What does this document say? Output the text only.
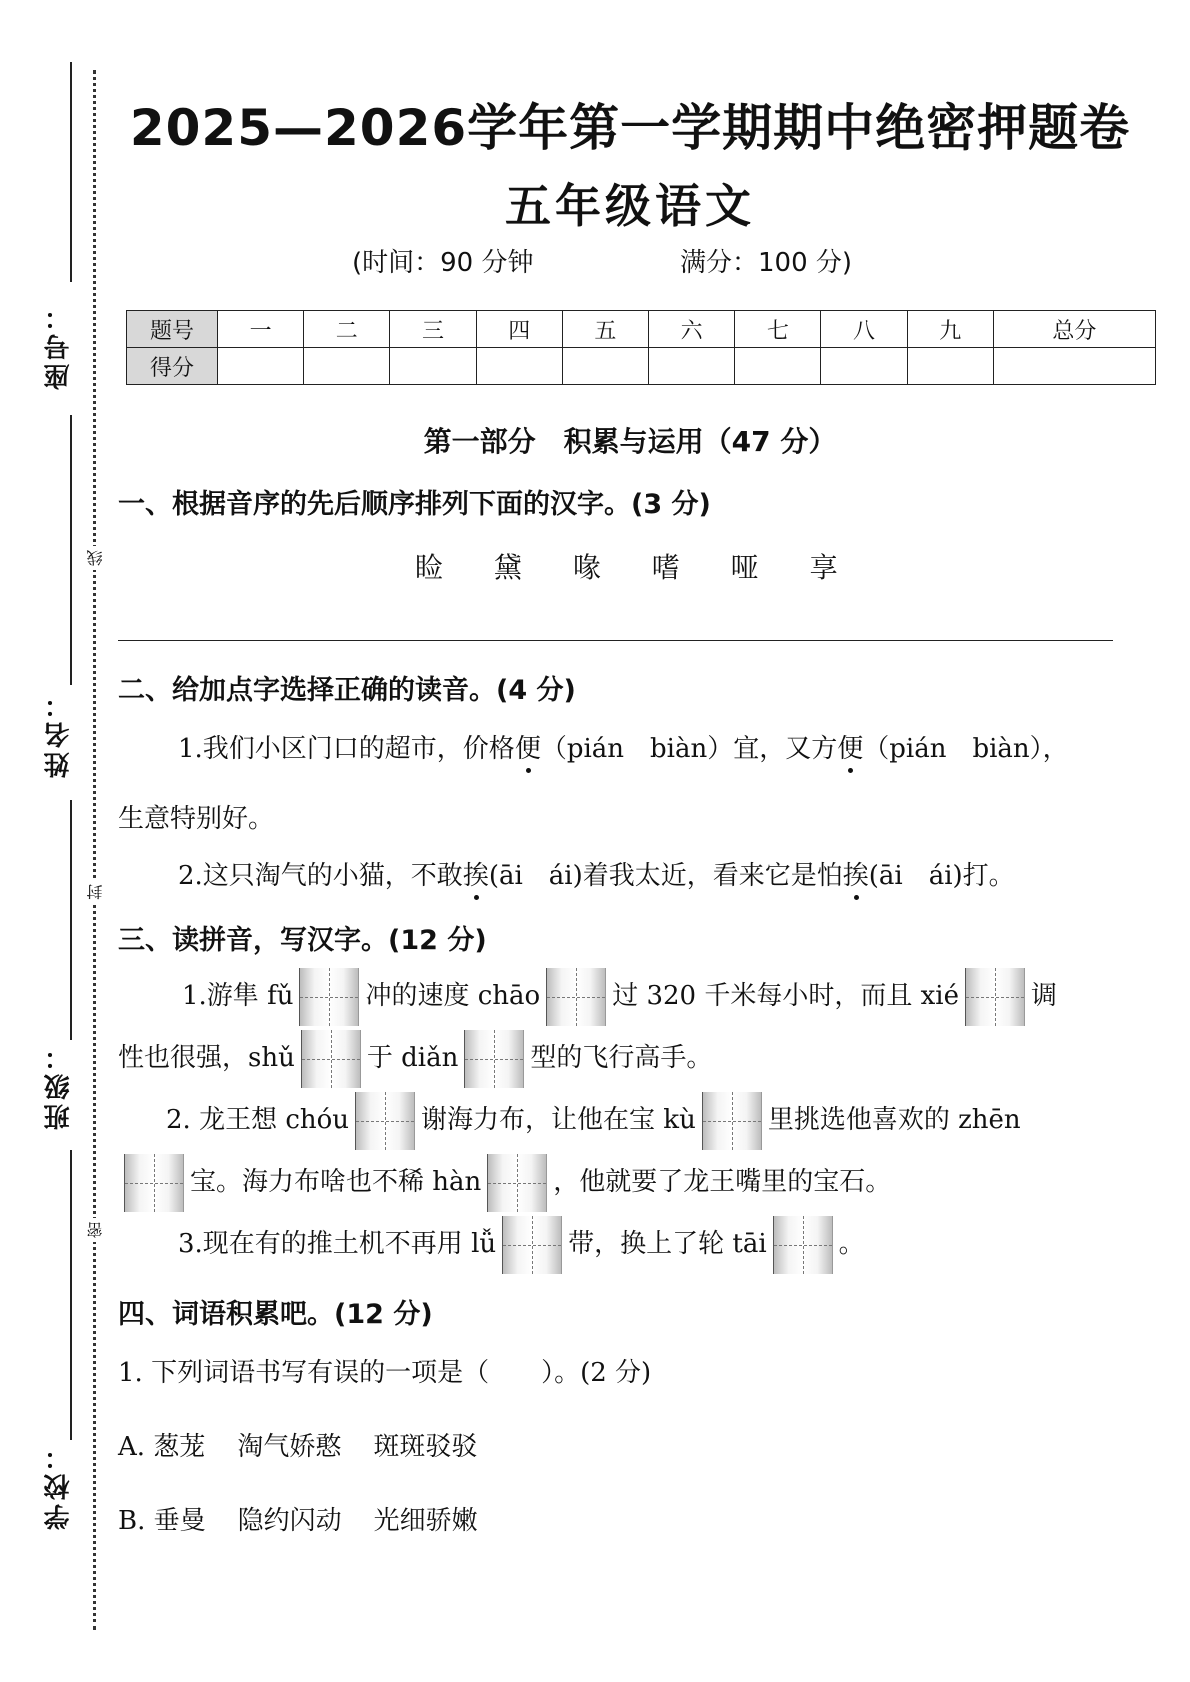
座号：
姓名：
班级：
学校：
线
封
密
2025—2026学年第一学期期中绝密押题卷
五年级语文
(时间：90 分钟	满分：100 分)
题号	一	二	三	四	五	六	七	八	九	总分
得分										
第一部分　积累与运用（47 分）
一、根据音序的先后顺序排列下面的汉字。(3 分)
睑 黛 喙 嗜 哑 享
二、给加点字选择正确的读音。(4 分)
1.我们小区门口的超市，价格便（pián　biàn）宜，又方便（pián　biàn），
生意特别好。
2.这只淘气的小猫，不敢挨(āi　ái)着我太近，看来它是怕挨(āi　ái)打。
三、读拼音，写汉字。(12 分)
1.游隼 fǔ	冲的速度 chāo	过 320 千米每小时，而且 xié	调
性也很强，shǔ	于 diǎn	型的飞行高手。
2. 龙王想 chóu	谢海力布，让他在宝 kù	里挑选他喜欢的 zhēn
宝。海力布啥也不稀 hàn	，他就要了龙王嘴里的宝石。
3.现在有的推土机不再用 lǚ	带，换上了轮 tāi	。
四、词语积累吧。(12 分)
1. 下列词语书写有误的一项是（　　）。(2 分)
A. 葱茏 淘气娇憨 斑斑驳驳
B. 垂曼 隐约闪动 光细骄嫩
